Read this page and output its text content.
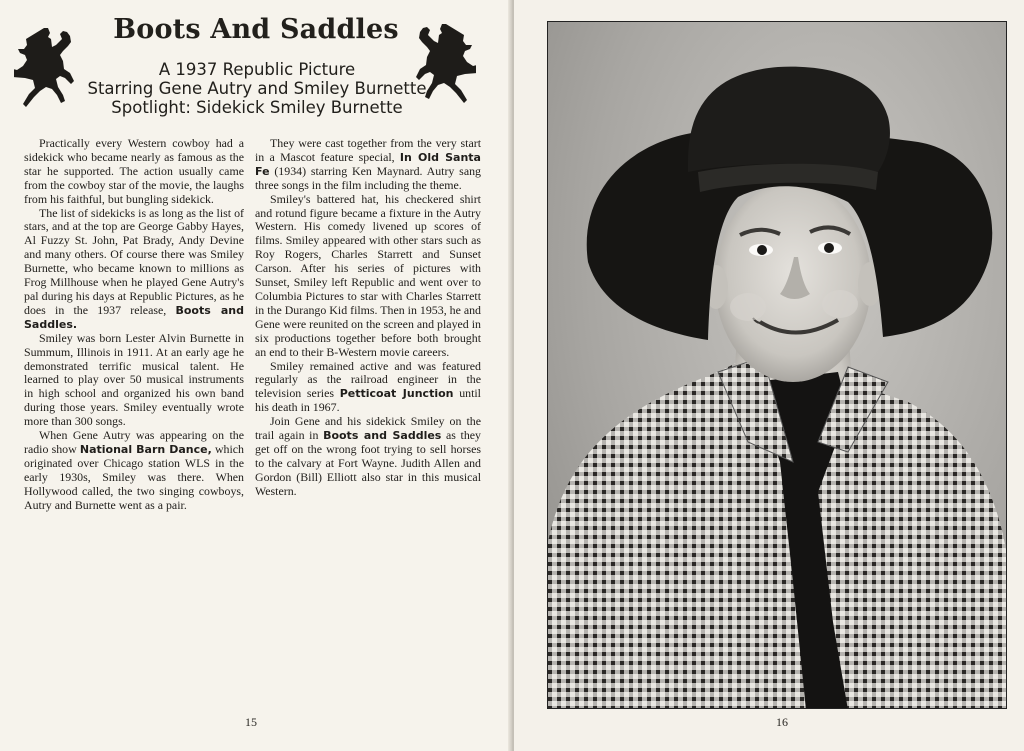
Boots And Saddles
A 1937 Republic Picture
Starring Gene Autry and Smiley Burnette
Spotlight: Sidekick Smiley Burnette

Practically every Western cowboy had a sidekick who became nearly as famous as the star he supported. The action usually came from the cowboy star of the movie, the laughs from his faithful, but bungling sidekick.

The list of sidekicks is as long as the list of stars, and at the top are George Gabby Hayes, Al Fuzzy St. John, Pat Brady, Andy Devine and many others. Of course there was Smiley Burnette, who became known to millions as Frog Millhouse when he played Gene Autry's pal during his days at Republic Pictures, as he does in the 1937 release, Boots and Saddles.

Smiley was born Lester Alvin Burnette in Summum, Illinois in 1911. At an early age he demonstrated terrific musical talent. He learned to play over 50 musical instruments in high school and organized his own band during those years. Smiley eventually wrote more than 300 songs.

When Gene Autry was appearing on the radio show National Barn Dance, which originated over Chicago station WLS in the early 1930s, Smiley was there. When Hollywood called, the two singing cowboys, Autry and Burnette went as a pair.

They were cast together from the very start in a Mascot feature special, In Old Santa Fe (1934) starring Ken Maynard. Autry sang three songs in the film including the theme.

Smiley's battered hat, his checkered shirt and rotund figure became a fixture in the Autry Western. His comedy livened up scores of films. Smiley appeared with other stars such as Roy Rogers, Charles Starrett and Sunset Carson. After his series of pictures with Sunset, Smiley left Republic and went over to Columbia Pictures to star with Charles Starrett in the Durango Kid films. Then in 1953, he and Gene were reunited on the screen and played in six productions together before both brought an end to their B-Western movie careers.

Smiley remained active and was featured regularly as the railroad engineer in the television series Petticoat Junction until his death in 1967.

Join Gene and his sidekick Smiley on the trail again in Boots and Saddles as they get off on the wrong foot trying to sell horses to the calvary at Fort Wayne. Judith Allen and Gordon (Bill) Elliott also star in this musical Western.

15	16
